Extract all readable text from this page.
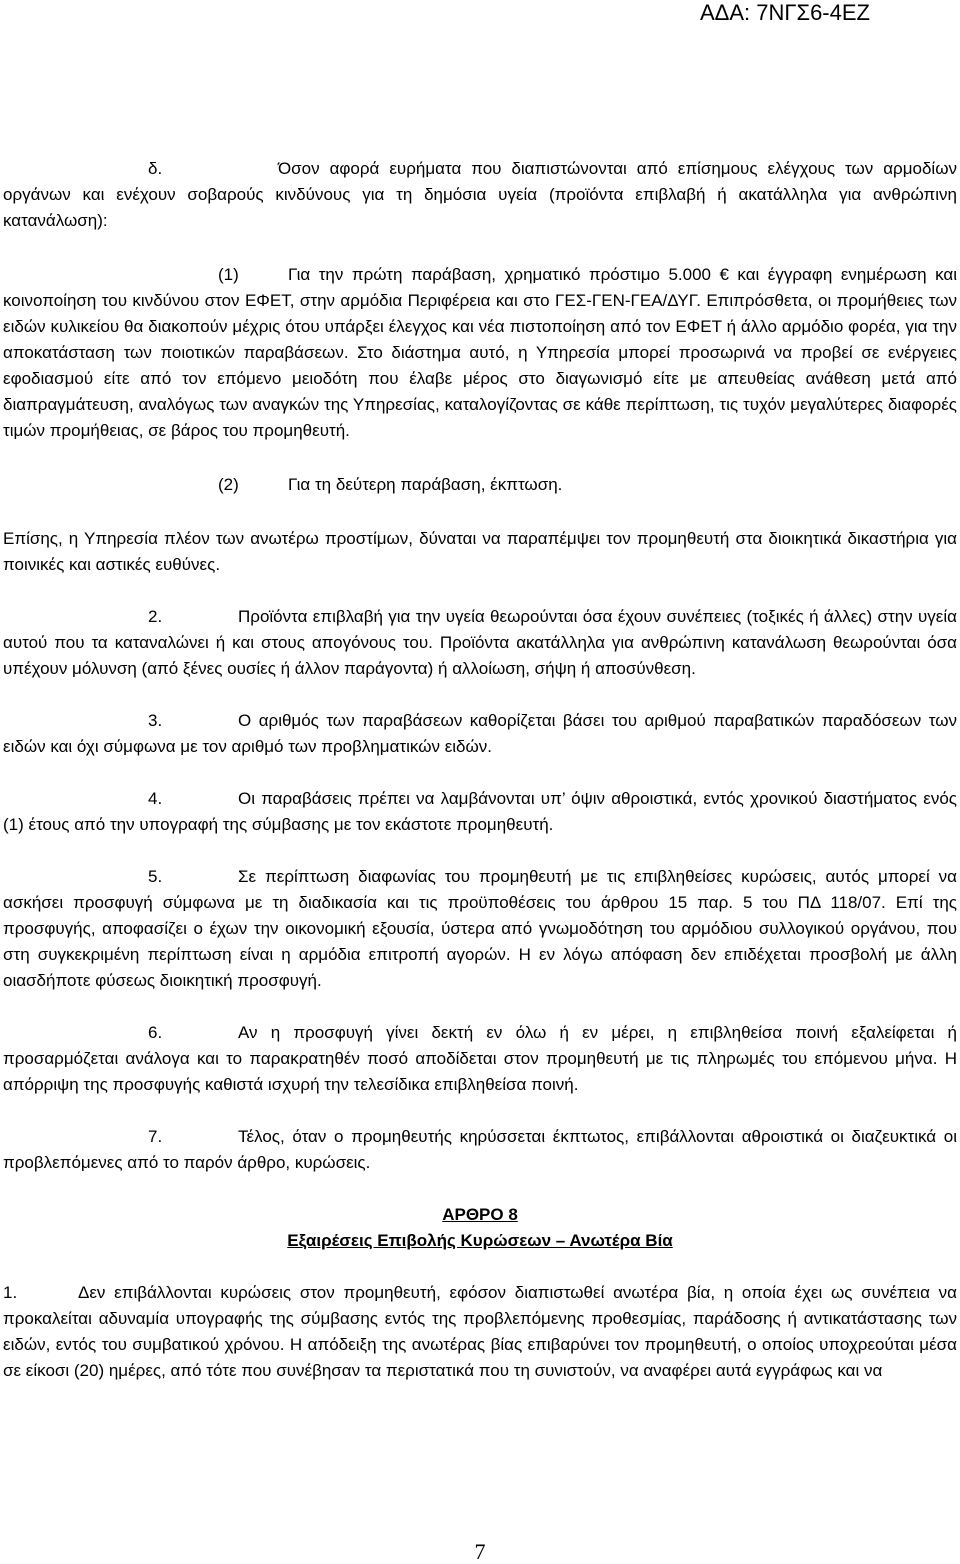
ΑΔΑ: 7ΝΓΣ6-4ΕΖ

δ.	Όσον αφορά ευρήματα που διαπιστώνονται από επίσημους ελέγχους των αρμοδίων οργάνων και ενέχουν σοβαρούς κινδύνους για τη δημόσια υγεία (προϊόντα επιβλαβή ή ακατάλληλα για ανθρώπινη κατανάλωση):

(1)	Για την πρώτη παράβαση, χρηματικό πρόστιμο 5.000 € και έγγραφη ενημέρωση και κοινοποίηση του κινδύνου στον ΕΦΕΤ, στην αρμόδια Περιφέρεια και στο ΓΕΣ-ΓΕΝ-ΓΕΑ/ΔΥΓ. Επιπρόσθετα, οι προμήθειες των ειδών κυλικείου θα διακοπούν μέχρις ότου υπάρξει έλεγχος και νέα πιστοποίηση από τον ΕΦΕΤ ή άλλο αρμόδιο φορέα, για την αποκατάσταση των ποιοτικών παραβάσεων. Στο διάστημα αυτό, η Υπηρεσία μπορεί προσωρινά να προβεί σε ενέργειες εφοδιασμού είτε από τον επόμενο μειοδότη που έλαβε μέρος στο διαγωνισμό είτε με απευθείας ανάθεση μετά από διαπραγμάτευση, αναλόγως των αναγκών της Υπηρεσίας, καταλογίζοντας σε κάθε περίπτωση, τις τυχόν μεγαλύτερες διαφορές τιμών προμήθειας, σε βάρος του προμηθευτή.

(2)	Για τη δεύτερη παράβαση, έκπτωση.

Επίσης, η Υπηρεσία πλέον των ανωτέρω προστίμων, δύναται να παραπέμψει τον προμηθευτή στα διοικητικά δικαστήρια για ποινικές και αστικές ευθύνες.

2.	Προϊόντα επιβλαβή για την υγεία θεωρούνται όσα έχουν συνέπειες (τοξικές ή άλλες) στην υγεία αυτού που τα καταναλώνει ή και στους απογόνους του. Προϊόντα ακατάλληλα για ανθρώπινη κατανάλωση θεωρούνται όσα υπέχουν μόλυνση (από ξένες ουσίες ή άλλον παράγοντα) ή αλλοίωση, σήψη ή αποσύνθεση.

3.	Ο αριθμός των παραβάσεων καθορίζεται βάσει του αριθμού παραβατικών παραδόσεων των ειδών και όχι σύμφωνα με τον αριθμό των προβληματικών ειδών.

4.	Οι παραβάσεις πρέπει να λαμβάνονται υπ’ όψιν αθροιστικά, εντός χρονικού διαστήματος ενός (1) έτους από την υπογραφή της σύμβασης με τον εκάστοτε προμηθευτή.

5.	Σε περίπτωση διαφωνίας του προμηθευτή με τις επιβληθείσες κυρώσεις, αυτός μπορεί να ασκήσει προσφυγή σύμφωνα με τη διαδικασία και τις προϋποθέσεις του άρθρου 15 παρ. 5 του ΠΔ 118/07. Επί της προσφυγής, αποφασίζει ο έχων την οικονομική εξουσία, ύστερα από γνωμοδότηση του αρμόδιου συλλογικού οργάνου, που στη συγκεκριμένη περίπτωση είναι η αρμόδια επιτροπή αγορών. Η εν λόγω απόφαση δεν επιδέχεται προσβολή με άλλη οιασδήποτε φύσεως διοικητική προσφυγή.

6.	Αν η προσφυγή γίνει δεκτή εν όλω ή εν μέρει, η επιβληθείσα ποινή εξαλείφεται ή προσαρμόζεται ανάλογα και το παρακρατηθέν ποσό αποδίδεται στον προμηθευτή με τις πληρωμές του επόμενου μήνα. Η απόρριψη της προσφυγής καθιστά ισχυρή την τελεσίδικα επιβληθείσα ποινή.

7.	Τέλος, όταν ο προμηθευτής κηρύσσεται έκπτωτος, επιβάλλονται αθροιστικά οι διαζευκτικά οι προβλεπόμενες από το παρόν άρθρο, κυρώσεις.

ΑΡΘΡΟ 8

Εξαιρέσεις Επιβολής Κυρώσεων – Ανωτέρα Βία

1.	Δεν επιβάλλονται κυρώσεις στον προμηθευτή, εφόσον διαπιστωθεί ανωτέρα βία, η οποία έχει ως συνέπεια να προκαλείται αδυναμία υπογραφής της σύμβασης εντός της προβλεπόμενης προθεσμίας, παράδοσης ή αντικατάστασης των ειδών, εντός του συμβατικού χρόνου. Η απόδειξη της ανωτέρας βίας επιβαρύνει τον προμηθευτή, ο οποίος υποχρεούται μέσα σε είκοσι (20) ημέρες, από τότε που συνέβησαν τα περιστατικά που τη συνιστούν, να αναφέρει αυτά εγγράφως και να

7
